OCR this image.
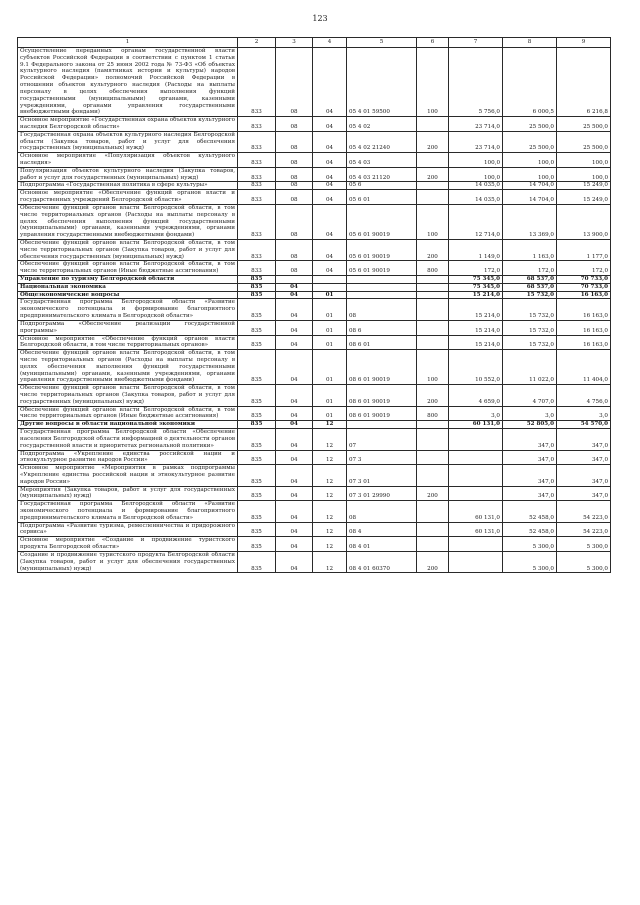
123
1	2	3	4	5	6	7	8	9
Осуществление переданных органам государственной власти субъектов Российской Федерации в соответствии с пунктом 1 статьи 9.1 Федерального закона от 25 июня 2002 года № 73-ФЗ «Об объектах культурного наследия (памятниках истории и культуры) народов Российской Федерации» полномочий Российской Федерации в отношении объектов культурного наследия (Расходы на выплаты персоналу в целях обеспечения выполнения функций государственными (муниципальными) органами, казенными учреждениями, органами управления государственными внебюджетными фондами)	833	08	04	05 4 01 59500	100	5 756,0	6 000,5	6 216,8
Основное мероприятие «Государственная охрана объектов культурного наследия Белгородской области»	833	08	04	05 4 02		23 714,0	25 500,0	25 500,0
Государственная охрана объектов культурного наследия Белгородской области (Закупка товаров, работ и услуг для обеспечения государственных (муниципальных) нужд)	833	08	04	05 4 02 21240	200	23 714,0	25 500,0	25 500,0
Основное мероприятие «Популяризация объектов культурного наследия»	833	08	04	05 4 03		100,0	100,0	100,0
Популяризация объектов культурного наследия (Закупка товаров, работ и услуг для государственных (муниципальных) нужд)	833	08	04	05 4 03 21120	200	100,0	100,0	100,0
Подпрограмма «Государственная политика в сфере культуры»	833	08	04	05 6		14 035,0	14 704,0	15 249,0
Основное мероприятие «Обеспечение функций органов власти и государственных учреждений Белгородской области»	833	08	04	05 6 01		14 035,0	14 704,0	15 249,0
Обеспечение функций органов власти Белгородской области, в том числе территориальных органов (Расходы на выплаты персоналу в целях обеспечения выполнения функций государственными (муниципальными) органами, казенными учреждениями, органами управления государственными внебюджетными фондами)	833	08	04	05 6 01 90019	100	12 714,0	13 369,0	13 900,0
Обеспечение функций органов власти Белгородской области, в том числе территориальных органов (Закупка товаров, работ и услуг для обеспечения государственных (муниципальных) нужд)	833	08	04	05 6 01 90019	200	1 149,0	1 163,0	1 177,0
Обеспечение функций органов власти Белгородской области, в том числе территориальных органов (Иные бюджетные ассигнования)	833	08	04	05 6 01 90019	800	172,0	172,0	172,0
Управление по туризму Белгородской области	835					75 345,0	68 537,0	70 733,0
Национальная экономика	835	04				75 345,0	68 537,0	70 733,0
Общеэкономические вопросы	835	04	01			15 214,0	15 732,0	16 163,0
Государственная программа Белгородской области «Развитие экономического потенциала и формирование благоприятного предпринимательского климата в Белгородской области»	835	04	01	08		15 214,0	15 732,0	16 163,0
Подпрограмма «Обеспечение реализации государственной программы»	835	04	01	08 6		15 214,0	15 732,0	16 163,0
Основное мероприятие «Обеспечение функций органов власти Белгородской области, в том числе территориальных органов»	835	04	01	08 6 01		15 214,0	15 732,0	16 163,0
Обеспечение функций органов власти Белгородской области, в том числе территориальных органов (Расходы на выплаты персоналу в целях обеспечения выполнения функций государственными (муниципальными) органами, казенными учреждениями, органами управления государственными внебюджетными фондами)	835	04	01	08 6 01 90019	100	10 552,0	11 022,0	11 404,0
Обеспечение функций органов власти Белгородской области, в том числе территориальных органов (Закупка товаров, работ и услуг для государственных (муниципальных) нужд)	835	04	01	08 6 01 90019	200	4 659,0	4 707,0	4 756,0
Обеспечение функций органов власти Белгородской области, в том числе территориальных органов (Иные бюджетные ассигнования)	835	04	01	08 6 01 90019	800	3,0	3,0	3,0
Другие вопросы в области национальной экономики	835	04	12			60 131,0	52 805,0	54 570,0
Государственная программа Белгородской области «Обеспечение населения Белгородской области информацией о деятельности органов государственной власти и приоритетах региональной политики»	835	04	12	07			347,0	347,0
Подпрограмма «Укрепление единства российской нации и этнокультурное развитие народов России»	835	04	12	07 3			347,0	347,0
Основное мероприятие «Мероприятия в рамках подпрограммы «Укрепление единства российской нации и этнокультурное развитие народов России»	835	04	12	07 3 01			347,0	347,0
Мероприятия (Закупка товаров, работ и услуг для государственных (муниципальных) нужд)	835	04	12	07 3 01 29990	200		347,0	347,0
Государственная программа Белгородской области «Развитие экономического потенциала и формирование благоприятного предпринимательского климата в Белгородской области»	835	04	12	08		60 131,0	52 458,0	54 223,0
Подпрограмма «Развитие туризма, ремесленничества и придорожного сервиса»	835	04	12	08 4		60 131,0	52 458,0	54 223,0
Основное мероприятие «Создание и продвижение туристского продукта Белгородской области»	835	04	12	08 4 01			5 300,0	5 300,0
Создание и продвижение туристского продукта Белгородской области (Закупка товаров, работ и услуг для обеспечения государственных (муниципальных) нужд)	835	04	12	08 4 01 60370	200		5 300,0	5 300,0
